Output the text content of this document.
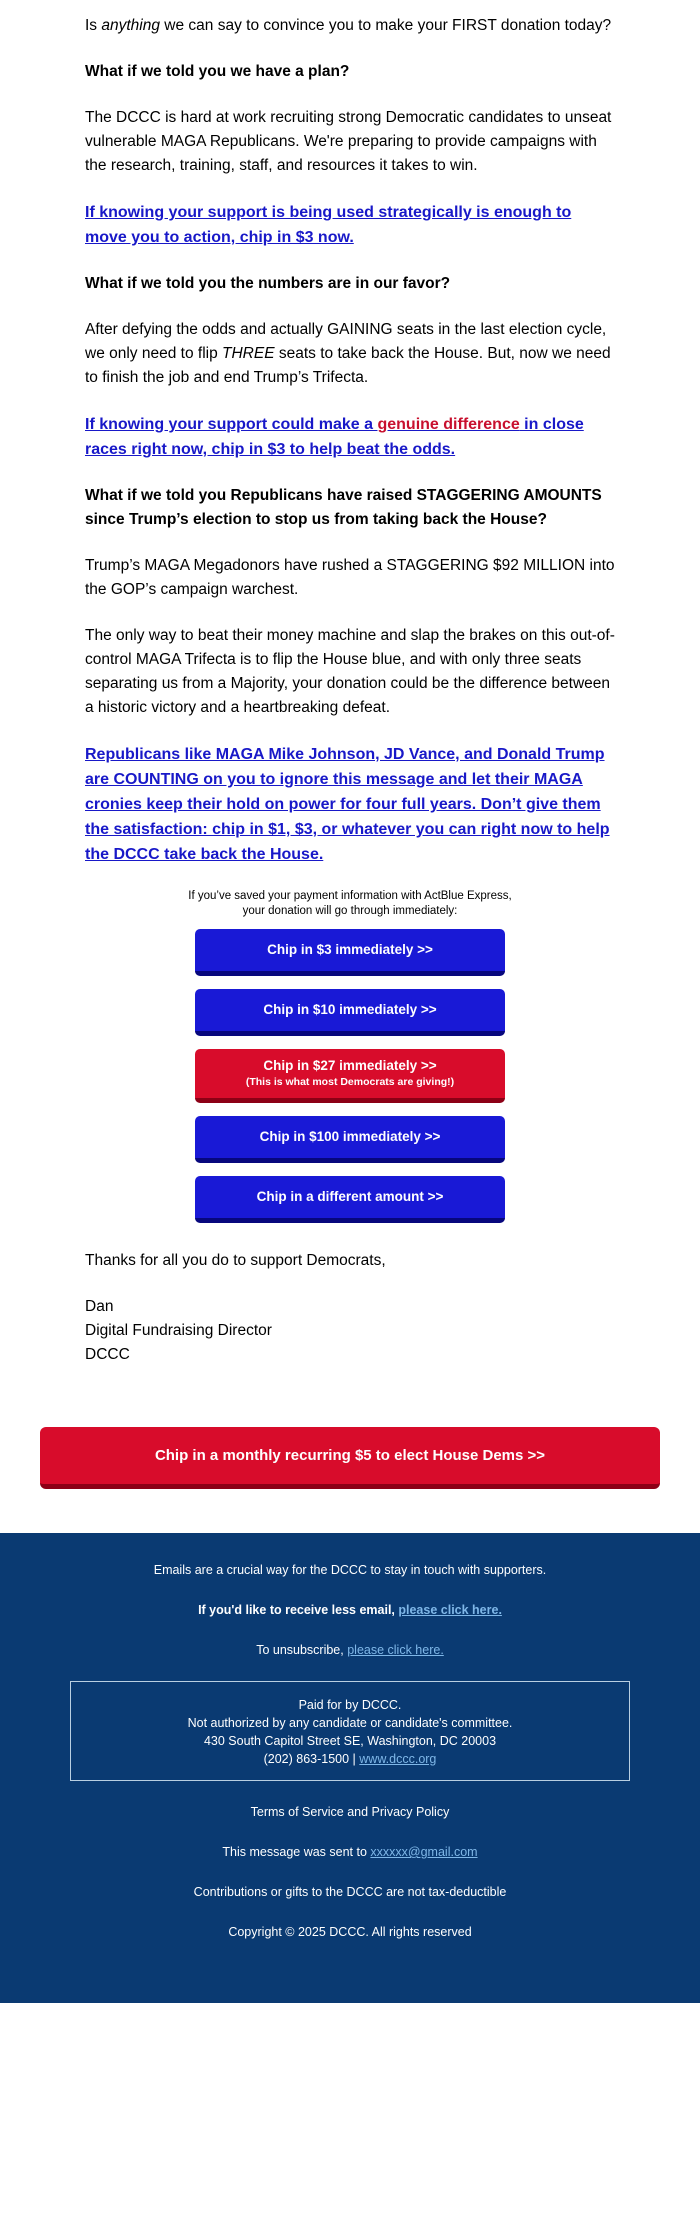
Is anything we can say to convince you to make your FIRST donation today?

What if we told you we have a plan?

The DCCC is hard at work recruiting strong Democratic candidates to unseat vulnerable MAGA Republicans. We're preparing to provide campaigns with the research, training, staff, and resources it takes to win.

If knowing your support is being used strategically is enough to move you to action, chip in $3 now.

What if we told you the numbers are in our favor?

After defying the odds and actually GAINING seats in the last election cycle, we only need to flip THREE seats to take back the House. But, now we need to finish the job and end Trump’s Trifecta.

If knowing your support could make a genuine difference in close races right now, chip in $3 to help beat the odds.

What if we told you Republicans have raised STAGGERING AMOUNTS since Trump’s election to stop us from taking back the House?

Trump’s MAGA Megadonors have rushed a STAGGERING $92 MILLION into the GOP’s campaign warchest.

The only way to beat their money machine and slap the brakes on this out-of-control MAGA Trifecta is to flip the House blue, and with only three seats separating us from a Majority, your donation could be the difference between a historic victory and a heartbreaking defeat.

Republicans like MAGA Mike Johnson, JD Vance, and Donald Trump are COUNTING on you to ignore this message and let their MAGA cronies keep their hold on power for four full years. Don’t give them the satisfaction: chip in $1, $3, or whatever you can right now to help the DCCC take back the House.

If you’ve saved your payment information with ActBlue Express,
your donation will go through immediately:
Chip in $3 immediately >>
Chip in $10 immediately >>
Chip in $27 immediately >>
(This is what most Democrats are giving!)
Chip in $100 immediately >>
Chip in a different amount >>

Thanks for all you do to support Democrats,

Dan
Digital Fundraising Director
DCCC
Chip in a monthly recurring $5 to elect House Dems >>

Emails are a crucial way for the DCCC to stay in touch with supporters.

If you'd like to receive less email, please click here.

To unsubscribe, please click here.

Paid for by DCCC.
Not authorized by any candidate or candidate's committee.
430 South Capitol Street SE, Washington, DC 20003
(202) 863-1500 | www.dccc.org

Terms of Service and Privacy Policy

This message was sent to xxxxxx@gmail.com

Contributions or gifts to the DCCC are not tax-deductible

Copyright © 2025 DCCC. All rights reserved
